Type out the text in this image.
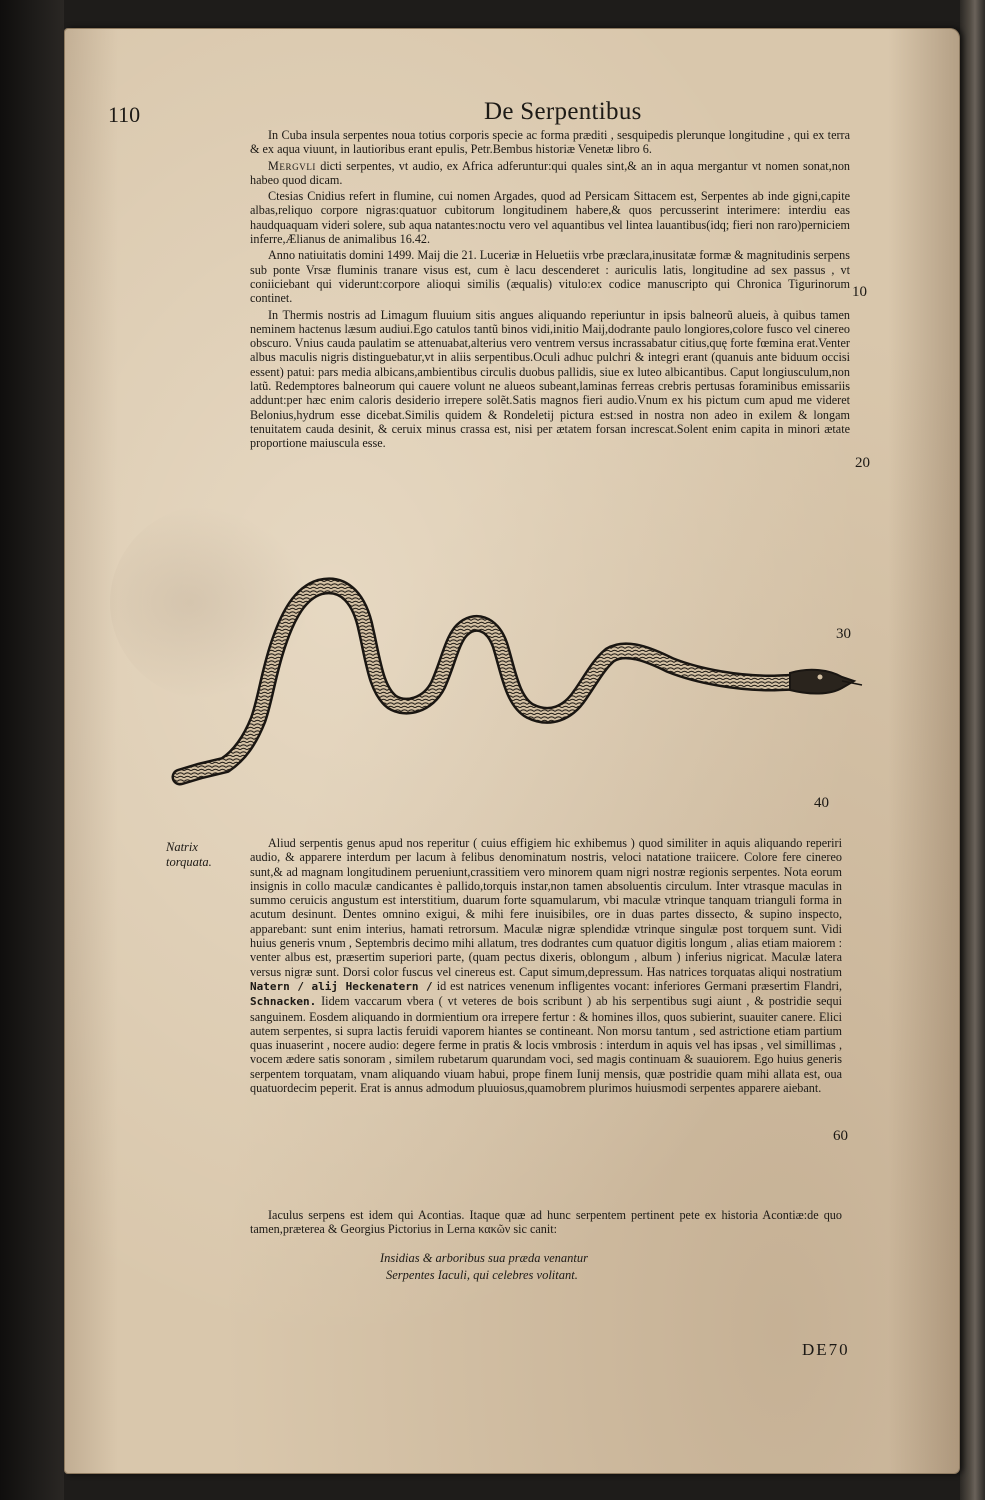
110	De Serpentibus

In Cuba insula serpentes noua totius corporis specie ac forma præditi , sesquipedis plerunque longitudine , qui ex terra & ex aqua viuunt, in lautioribus erant epulis, Petr.Bembus historiæ Venetæ libro 6.

Mergvli dicti serpentes, vt audio, ex Africa adferuntur:qui quales sint,& an in aqua mergantur vt nomen sonat,non habeo quod dicam.

Ctesias Cnidius refert in flumine, cui nomen Argades, quod ad Persicam Sittacem est, Serpentes ab inde gigni,capite albas,reliquo corpore nigras:quatuor cubitorum longitudinem habere,& quos percusserint interimere: interdiu eas haudquaquam videri solere, sub aqua natantes:noctu vero vel aquantibus vel lintea lauantibus(idq; fieri non raro)perniciem inferre,Ælianus de animalibus 16.42.

Anno natiuitatis domini 1499. Maij die 21. Luceriæ in Heluetiis vrbe præclara,inusitatæ formæ & magnitudinis serpens sub ponte Vrsæ fluminis tranare visus est, cum è lacu descenderet : auriculis latis, longitudine ad sex passus , vt coniiciebant qui viderunt:corpore alioqui similis (æqualis) vitulo:ex codice manuscripto qui Chronica Tigurinorum continet.

In Thermis nostris ad Limagum fluuium sitis angues aliquando reperiuntur in ipsis balneorũ alueis, à quibus tamen neminem hactenus læsum audiui.Ego catulos tantũ binos vidi,initio Maij,dodrante paulo longiores,colore fusco vel cinereo obscuro. Vnius cauda paulatim se attenuabat,alterius vero ventrem versus incrassabatur citius,quę forte fœmina erat.Venter albus maculis nigris distinguebatur,vt in aliis serpentibus.Oculi adhuc pulchri & integri erant (quanuis ante biduum occisi essent) patui: pars media albicans,ambientibus circulis duobus pallidis, siue ex luteo albicantibus. Caput longiusculum,non latũ. Redemptores balneorum qui cauere volunt ne alueos subeant,laminas ferreas crebris pertusas foraminibus emissariis addunt:per hæc enim caloris desiderio irrepere solẽt.Satis magnos fieri audio.Vnum ex his pictum cum apud me videret Belonius,hydrum esse dicebat.Similis quidem & Rondeletij pictura est:sed in nostra non adeo in exilem & longam tenuitatem cauda desinit, & ceruix minus crassa est, nisi per ætatem forsan increscat.Solent enim capita in minori ætate proportione maiuscula esse.

10
20
30
40
60
Natrix torquata.

Aliud serpentis genus apud nos reperitur ( cuius effigiem hic exhibemus ) quod similiter in aquis aliquando reperiri audio, & apparere interdum per lacum à felibus denominatum nostris, veloci natatione traiicere. Colore fere cinereo sunt,& ad magnam longitudinem perueniunt,crassitiem vero minorem quam nigri nostræ regionis serpentes. Nota eorum insignis in collo maculæ candicantes è pallido,torquis instar,non tamen absoluentis circulum. Inter vtrasque maculas in summo ceruicis angustum est interstitium, duarum forte squamularum, vbi maculæ vtrinque tanquam trianguli forma in acutum desinunt. Dentes omnino exigui, & mihi fere inuisibiles, ore in duas partes dissecto, & supino inspecto, apparebant: sunt enim interius, hamati retrorsum. Maculæ nigræ splendidæ vtrinque singulæ post torquem sunt. Vidi huius generis vnum , Septembris decimo mihi allatum, tres dodrantes cum quatuor digitis longum , alias etiam maiorem : venter albus est, præsertim superiori parte, (quam pectus dixeris, oblongum , album ) inferius nigricat. Maculæ latera versus nigræ sunt. Dorsi color fuscus vel cinereus est. Caput simum,depressum. Has natrices torquatas aliqui nostratium Natern / alij Heckenatern / id est natrices venenum infligentes vocant: inferiores Germani præsertim Flandri, Schnacken. Iidem vaccarum vbera ( vt veteres de bois scribunt ) ab his serpentibus sugi aiunt , & postridie sequi sanguinem. Eosdem aliquando in dormientium ora irrepere fertur : & homines illos, quos subierint, suauiter canere. Elici autem serpentes, si supra lactis feruidi vaporem hiantes se contineant. Non morsu tantum , sed astrictione etiam partium quas inuaserint , nocere audio: degere ferme in pratis & locis vmbrosis : interdum in aquis vel has ipsas , vel simillimas , vocem ædere satis sonoram , similem rubetarum quarundam voci, sed magis continuam & suauiorem. Ego huius generis serpentem torquatam, vnam aliquando viuam habui, prope finem Iunij mensis, quæ postridie quam mihi allata est, oua quatuordecim peperit. Erat is annus admodum pluuiosus,quamobrem plurimos huiusmodi serpentes apparere aiebant.

Iaculus serpens est idem qui Acontias. Itaque quæ ad hunc serpentem pertinent pete ex historia Acontiæ:de quo tamen,præterea & Georgius Pictorius in Lerna κακῶν sic canit:

Insidias & arboribus sua præda venantur
Serpentes Iaculi, qui celebres volitant.
DE70
